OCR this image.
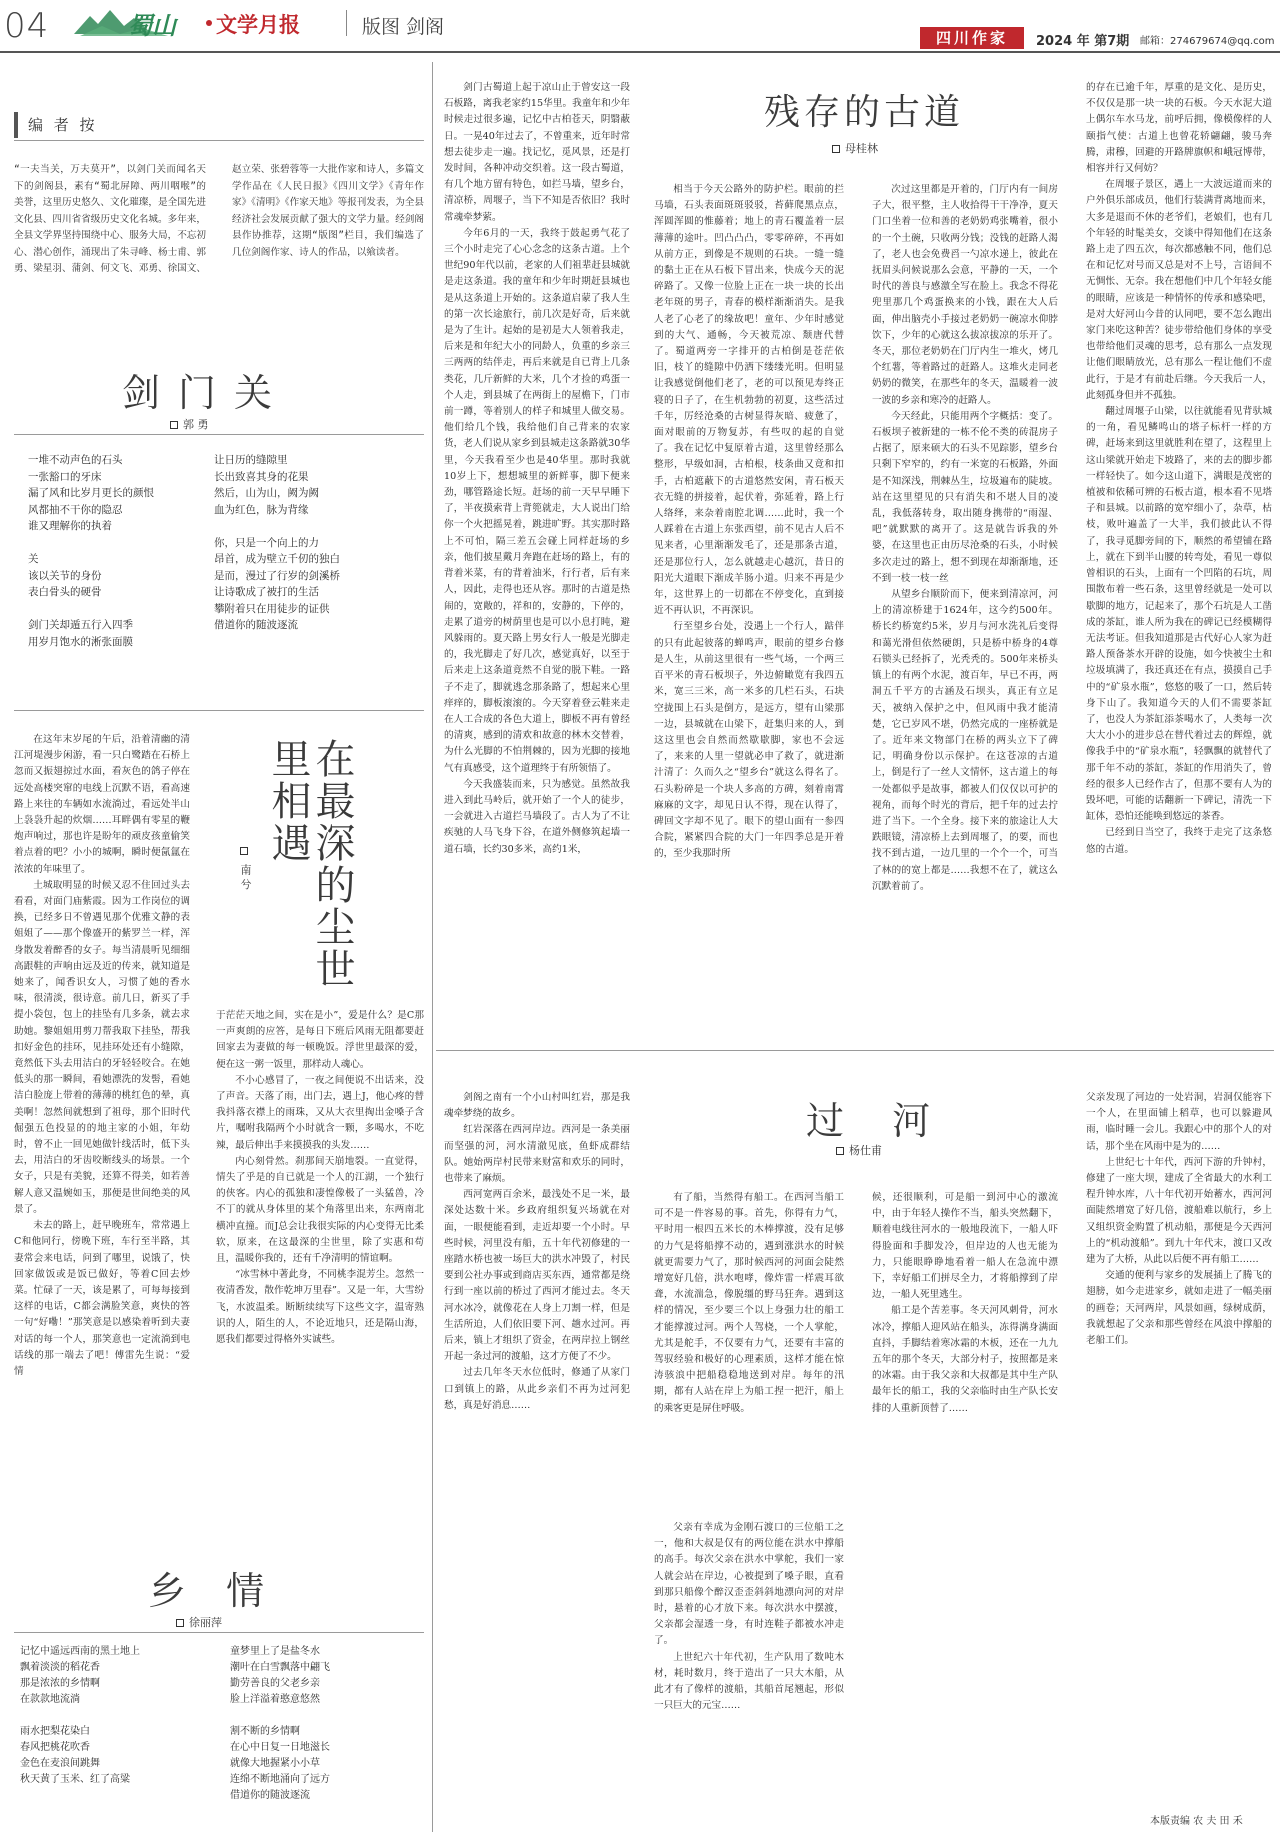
04	蜀山 文学月报	版图 剑阁	四川作家	2024 年 第7期 邮箱：274679674@qq.com
编 者 按
“一夫当关，万夫莫开”，以剑门关而闻名天下的剑阁县，素有“蜀北屏障、两川咽喉”的美誉，这里历史悠久、文化璀璨，是全国先进文化县、四川省省级历史文化名城。多年来，全县文学界坚持围绕中心、服务大局，不忘初心、潜心创作，涌现出了朱寻峰、杨士甫、郭勇、梁星羽、蒲剑、何文飞、邓勇、徐国文、赵立荣、张碧蓉等一大批作家和诗人，多篇文学作品在《人民日报》《四川文学》《青年作家》《清明》《作家天地》等报刊发表，为全县经济社会发展贡献了强大的文学力量。经剑阁县作协推荐，这期“版图”栏目，我们编选了几位剑阁作家、诗人的作品，以飨读者。
剑门关
郭 勇
一堆不动声色的石头
一张豁口的牙床
漏了风和比岁月更长的颜恨
风都抽不干你的隐忍
谁又理解你的执着

关
该以关节的身份
表白骨头的硬骨

剑门关却遁五行入四季
用岁月饱水的淅张面膜
让日历的缝隙里
长出致喜其身的花果
然后，山为山，阙为阙
血为红色，脉为背缘

你，只是一个向上的力
昂首，成为壁立千仞的独白
是而，漫过了行岁的剑溪桥
让诗歌成了被打的生活
攀附着只在用徒步的证供
借道你的随波逐流

在这年末岁尾的午后，沿着清幽的清江河堤漫步闲游，看一只白鹭踏在石桥上忽而又振翅掠过水面，看灰色的鸽子停在远处高楼突窜的电线上沉默不语，看高速路上来往的车辆如水流淌过，看远处半山上袅袅升起的炊烟……耳畔偶有零星的鞭炮声响过，那也许是盼年的顽皮孩童偷笑着点着的吧？小小的城啊，瞬时便氤氲在浓浓的年味里了。

土城取明显的时候又忍不住回过头去看看，对面门庙紫霞。因为工作岗位的调换，已经多日不曾遇见那个优雅文静的表姐姐了——那个像盛开的紫罗兰一样，浑身散发着醉香的女子。每当清晨听见细细高跟鞋的声响由远及近的传来，就知道是她来了，闻香识女人，习惯了她的香水味，很清淡，很诗意。前几日，新买了手提小袋包，包上的挂坠有几多条，就去求助她。黎姐姐用剪刀帮我取下挂坠，帮我扣好金色的挂环，见挂环处还有小缝隙，竟然低下头去用洁白的牙轻轻咬合。在她低头的那一瞬间，看她漂洗的发髻，看她洁白脸庞上带着的薄薄的桃红色的晕，真美啊！忽然间就想到了祖母，那个旧时代倔强五色投显的的地主家的小姐，年幼时，曾不止一回见她做针线活时，低下头去，用洁白的牙齿咬断线头的场景。一个女子，只是有美貌，还算不得美，如若善解人意又温婉如玉，那便是世间绝美的风景了。

未去的路上，赶早晚班车，常常遇上C和他同行，傍晚下班，车行至半路，其妻常会来电话，问到了哪里，说饿了，快回家做饭或是饭已做好，等着C回去炒菜。忙碌了一天，该是累了，可每每接到这样的电话，C都会满脸笑意，爽快的答一句“好嘞！”那笑意是以感染着听到夫妻对话的每一个人，那笑意也一定流淌到电话线的那一端去了吧！傅雷先生说：“爱情

在最深的尘世里相遇
南 兮

于茫茫天地之间，实在是小”，爱是什么？是C那一声爽朗的应答，是每日下班后风雨无阻都要赶回家去为妻做的每一顿晚饭。浮世里最深的爱，便在这一粥一饭里，那样动人魂心。

不小心感冒了，一夜之间便说不出话来，没了声音。天落了雨，出门去，遇上J，他心疼的替我抖落衣襟上的雨珠，又从大衣里掏出金嗓子含片，嘱咐我隔两个小时就含一颗，多喝水，不吃辣，最后伸出手来摸摸我的头发……

内心刻骨然。刹那间天崩地裂。一直觉得，情失了乎是的自已就是一个人的江湖，一个独行的侠客。内心的孤独和凄惶像极了一头猛兽，冷不丁的就从身体里的某个角落里出来，东两南北横冲直撞。而J总会让我很实际的内心变得无比柔软，原来，在这最深的尘世里，除了实惠和苟且，温暖你我的，还有千净清明的情谊啊。

“冰雪林中著此身，不同桃李混芳尘。忽然一夜清香发，散作乾坤万里春”。又是一年，大雪纷飞，水波温柔。断断续续写下这些文字，温寄熟识的人，陌生的人，不论近地只，还是隔山海，愿我们都要过得格外实诚些。

剑门古蜀道上起于凉山止于曾安这一段石板路，离我老家约15华里。我童年和少年时候走过很多遍，记忆中古柏苍天，阴翳蔽日。一晃40年过去了，不曾重来，近年时常想去徒步走一遍。找记忆，觅风景，还是打发时间，各种冲动交织着。这一段古蜀道，有几个地方留有特色，如拦马墙，望乡台，清凉桥，周堰子，当下不知是否依旧？我时常魂牵梦萦。

今年6月的一天，我终于鼓起勇气花了三个小时走完了心心念念的这条古道。上个世纪90年代以前，老家的人们祖辈赶县城就是走这条道。我的童年和少年时期赶县城也是从这条道上开始的。这条道启蒙了我人生的第一次长途旅行，前几次是好奇，后来就是为了生计。起始的是初是大人领着我走，后来是和年纪大小的同龄人，负重的乡亲三三两两的结伴走，再后来就是自已背上几条类花，几斤新鲜的大米，几个才捡的鸡蛋一个人走，到县城了在两街上的屋檐下，门市前一蹲，等着别人的样子和城里人做交易。他们给几个钱，我给他们自己背来的农家货，老人们说从家乡到县城走这条路就30华里，今天我看至少也是40华里。那时我就10岁上下，想想城里的新鲜事，脚下便来劲，哪管路途长短。赶场的前一天早早睡下了，半夜摸索背上背篼就走，大人说出门给你一个火把摇晃着，跳进旷野。其实那时路上不可怕，隔三差五会碰上同样赶场的乡亲，他们披星戴月奔跑在赶场的路上，有的背着米菜，有的背着油米，行行者，后有来人，因此，走得也还从容。那时的古道是热闹的，宽敞的，祥和的，安静的，下停的，走累了道旁的树荫里也是可以小息打盹，避风躲雨的。夏天路上男女行人一般是光脚走的，我光脚走了好几次，感觉真好，以至于后来走上这条道竟然不自觉的脱下鞋。一路子不走了，脚就逃念那条路了，想起来心里痒痒的，脚板滚滚的。今天穿着登云鞋来走在人工合成的各色大道上，脚板不再有曾经的清爽，感到的清欢和故意的林木交替着，为什么光脚的不怕荆棘的，因为光脚的接地气有真感受，这个道理终于有所领悟了。

今天我盛装而来，只为感觉。虽然故我进入到此马岭后，就开始了一个人的徒步，一会就进入古道拦马墙段了。古人为了不让疾驰的人马飞身下谷，在道外侧修筑起墙一道石墙，长约30多米，高约1米，

残存的古道
母桂林

相当于今天公路外的防护栏。眼前的拦马墙，石头表面斑斑驳驳，苔藓爬黑点点，浑圆浑圆的惟藤着；地上的青石覆盖着一层薄薄的途叶。凹凸凸凸，零零碎碎，不再如从前方正，到像是不规则的石块。一缝一缝的黏土正在从石板下冒出来，快成今天的泥碎路了。又像一位脸上正在一块一块的长出老年斑的男子，青春的模样渐渐消失。是我人老了心老了的缘故吧！童年、少年时感觉到的大气、通畅，今天被荒凉、颓唐代替了。蜀道两旁一字排开的古柏倒是苍茫依旧，枝丫的缝隙中仍洒下缕缕光明。但明显让我感觉倒他们老了，老的可以预见寿终正寝的日子了，在生机勃勃的初夏，这些活过千年，厉经沧桑的古树显得灰暗、疲惫了，面对眼前的万物复苏，有些叹的起的自觉了。我在记忆中复原着古道，这里曾经那么整形，早级如洞，古柏根，枝条曲又竟和扣手，古柏遮蔽下的古道悠然安闲，青石板天衣无缝的拼接着，起伏着，弥延着，路上行人络绎，来杂着南腔北调……此时，我一个人踩着在古道上东张西望，前不见古人后不见来者，心里渐渐发毛了，还是那条古道，还是那位行人，怎么就越走心越沉，昔日的阳光大道眼下渐成羊肠小道。归来不再是少年，这世界上的一切都在不停变化，直到接近不再认识，不再深识。

行至望乡台处，没遇上一个行人，踮伴的只有此起彼落的蝉鸣声，眼前的望乡台修是人生，从前这里很有一些气场，一个两三百平米的青石板坝子，外边俯瞰览有我四五米，宽三三米，高一米多的几栏石头，石块空拢围上石头是倒方，是远方，望有山梁那一边，县城就在山梁下，赶集归来的人，到这这里也会自然而然歇歇脚，家也不会远了，来来的人里一望就必申了救了，就进渐汁清了：久而久之“望乡台”就这么得名了。石头粉碎是一个块人多高的方碑，刻着南霄麻麻的文字，却见日认不得，现在认得了，碑回文字却不见了。眼下的望山面有一参四合院，紧紧四合院的大门一年四季总是开着的，至少我那时所

次过这里都是开着的，门厅内有一间房子大，很平整，主人收拾得干干净净，夏天门口坐着一位和善的老奶奶鸡张嘴着，很小的一个土碗，只收两分钱；没钱的赶路人渴了，老人也会免费舀一勺凉水递上，彼此在抚眉头问候说那么会意，平静的一天，一个时代的善良与感激全写在脸上。我念不得花兜里那几个鸡蛋换来的小钱，跟在大人后面，伸出脑壳小手接过老奶奶一碗凉水仰脖饮下，少年的心就这么拔凉拔凉的乐开了。冬天，那位老奶奶在门厅内生一堆火，烤几个红薯，等着路过的赶路人。这堆火走同老奶奶的微笑，在那些年的冬天，温暖着一波一波的乡亲和寒冷的赶路人。

今天经此，只能用两个字概括：变了。石板坝子被新建的一栋不伦不类的砖混房子占据了，原来硕大的石头不见踪影，望乡台只剩下窄窄的，约有一米宽的石板路，外面是不知深浅，荆棘丛生，垃圾遍布的陡坡。站在这里望见的只有消失和不堪人目的凌乱，我低落转身，取出随身携带的“雨湿、吧”就默默的离开了。这是就告诉我的外婆，在这里也正由历尽沧桑的石头，小时候多次走过的路上，想不到现在却渐渐地，还不到一枝一枝一丝

从望乡台顺阶而下，便来到清凉河，河上的清凉桥建于1624年，这今约500年。桥长约桥宽约5米，岁月与河水洗礼后变得和蔼光滑但依然硬朗，只是桥中桥身的4尊石锁头已经拆了，光秃秃的。500年来桥头镇上的有两个水泥，渡百年，早已不再，两洞五千平方的古涵及石坝头，真正有立足天，被纳入保护之中，但风雨中我才能清楚，它已岁风不堪，仍然完成的一座桥就是了。近年来文物部门在桥的两头立下了碑记，明确身份以示保护。在这苍凉的古道上，倒是行了一丝人文情怀，这古道上的每一处都似乎是故事，都被人们仅仅以可护的视角，而每个时光的背后，把千年的过去拧进了当下。一个全身。接下来的旅途让人大跌眼镜，清凉桥上去到周堰了，的要，而也找不到古道，一边几里的一个个一个，可当了林的的宽上都是……我想不在了，就这么沉默着前了。

的存在已逾千年，厚重的是文化、是历史，不仅仅是那一块一块的石板。今天水泥大道上偶尔车水马龙，前呼后拥，像模像样的人颐指气使：古道上也曾花轿翩翩，骏马奔腾，肃穆，回避的开路牌旗帜和峨冠博带，相容并行又何妨？

在周堰子景区，遇上一大波远道而来的户外俱乐部成员，他们行装满背离地而来，大多是退而不休的老爷们，老娘们，也有几个年轻的时髦美女，交谈中得知他们在这条路上走了四五次，每次都感触不同，他们总在和记忆对号而又总是对不上号，言语间不无惆怅、无奈。我在想他们中几个年轻女能的眼睛，应该是一种情怀的传承和感染吧，是对大好河山今昔的认同吧，要不怎么跑出家门来吃这种苦？徒步带给他们身体的享受也带给他们灵魂的思考，总有那么一点发现让他们眼睛放光，总有那么一程让他们不虚此行，于是才有前赴后继。今天我后一人，此刻孤身但并不孤独。

翻过周堰子山梁，以往就能看见背驮城的一角，看见鳞鸣山的塔子标杆一样的方碑，赶场来到这里就胜利在望了，这程里上这山梁就开始走下坡路了，来的去的脚步都一样轻快了。如今这山道下，满眼是茂密的植被和依稀可辨的石板古道，根本看不见塔子和县城。以前路的宽窄细小了，杂草，枯枝，败叶遍盖了一大半，我们披此认不得了，我寻觅脚旁间的下，顺然的希望铺在路上，就在下到半山腰的转弯处，看见一尊似曾相识的石头，上面有一个凹陷的石坑，周围散布着一些石条，这里曾经就是一处可以歇脚的地方，记起来了，那个石坑是人工凿成的茶缸，谁人所为我在的碑记已经模糊得无法考证。但我知道那是古代好心人家为赶路人预备茶水开辟的设施，如今快被尘土和垃圾填满了，我还真还在有点，摸摸自己手中的“矿泉水瓶”，悠悠的吸了一口，然后转身下山了。我知道今天的人们不需要茶缸了，也没人为茶缸添茶喝水了，人类每一次大大小小的进步总在替代着过去的辉煌，就像我手中的“矿泉水瓶”，轻飘飘的就替代了那千年不动的茶缸，茶缸的作用消失了，曾经的很多人已经作古了，但那不要有人为的毁坏吧，可能的话翻新一下碑记，清洗一下缸体，恐怕还能唤到悠远的茶香。

已经到日当空了，我终于走完了这条悠悠的古道。

剑阁之南有一个小山村叫红岩，那是我魂牵梦绕的故乡。

红岩深落在西河岸边。西河是一条美丽而坚强的河，河水清澈见底，鱼虾成群结队。她始两岸村民带来财富和欢乐的同时，也带来了麻烦。

西河宽两百余米，最浅处不足一米，最深处达数十米。乡政府组织复兴场就在对面，一眼便能看到，走近却要一个小时。早些时候，河里没有船，五十年代初修建的一座踏水桥也被一场巨大的洪水冲毁了，村民要到公社办事或到商店买东西，通常都是绕行到一座以前的桥过了西河才能过去。冬天河水冰冷，就像花在人身上刀割一样，但是生活所迫，人们依旧要下河、趟水过河。再后来，镇上才组织了资金，在两岸拉上钢丝开起一条过河的渡船，这才方便了不少。

过去几年冬天水位低时，修通了从家门口到镇上的路，从此乡亲们不再为过河犯愁，真是好消息……

乡 情
徐丽萍
记忆中遥远西南的黑土地上
飘着淡淡的稻花香
那是浓浓的乡情啊
在款款地流淌

雨水把梨花染白
春风把桃花吹香
金色在麦浪间跳舞
秋天黄了玉米、红了高粱
童梦里上了是盐冬水
潮叶在白雪飘落中翩飞
勤劳善良的父老乡亲
脸上洋溢着憨意悠然

割不断的乡情啊
在心中日复一日地滋长
就像大地握紧小小草
连绵不断地涌向了远方
借道你的随波逐流
过 河
杨仕甫

有了船，当然得有船工。在西河当船工可不是一件容易的事。首先，你得有力气，平时用一根四五米长的木棒撑渡，没有足够的力气是将船撑不动的，遇到涨洪水的时候就更需要力气了，那时候西河的河面会陡然增宽好几倍，洪水咆哮，像炸雷一样震耳欲聋，水流湍急，像脱缰的野马狂奔。遇到这样的情况，至少要三个以上身强力壮的船工才能撑渡过河。两个人驾桡，一个人掌舵，尤其是舵手，不仅要有力气，还要有丰富的驾驭经验和极好的心理素质，这样才能在惊涛骇浪中把船稳稳地送到对岸。每年的汛期，都有人站在岸上为船工捏一把汗，船上的乘客更是屏住呼吸。

父亲有幸成为金刚石渡口的三位船工之一，他和大叔是仅有的两位能在洪水中撑船的高手。每次父亲在洪水中掌舵，我们一家人就会站在岸边，心被提到了嗓子眼，直看到那只船像个醉汉歪歪斜斜地漂向河的对岸时，悬着的心才放下来。每次洪水中摆渡，父亲都会湿透一身，有时连鞋子都被水冲走了。

上世纪六十年代初，生产队用了数吨木材，耗时数月，终于造出了一只大木船，从此才有了像样的渡船，其船首尾翘起，形似一只巨大的元宝……

候，还很顺利，可是船一到河中心的激流中，由于年轻人操作不当，船头突然翻下，顺着电线往河水的一般地段流下，一船人吓得脸面和手脚发冷，但岸边的人也无能为力，只能眼睁睁地看着一船人在急流中漂下，幸好船工们拼尽全力，才将船撑到了岸边，一船人死里逃生。

船工是个苦差事。冬天河风刺骨，河水冰冷，撑船人迎风站在船头，冻得满身满面直抖，手脚结着寒冰霜的木板，还在一九九五年的那个冬天，大部分村子，按照都是来的冰霜。由于我父亲和大叔都是其中生产队最年长的船工，我的父亲临时由生产队长安排的人重新顶替了……

父亲发现了河边的一处岩洞，岩洞仅能容下一个人，在里面铺上稻草，也可以躲避风雨，临时睡一会儿。我跟心中的那个人的对话，那个坐在风雨中是为的……

上世纪七十年代，西河下游的升钟村，修建了一座大坝，建成了全省最大的水利工程升钟水库，八十年代初开始蓄水，西河河面陡然增宽了好几倍，渡船难以航行，乡上又组织资金购置了机动船，那便是今天西河上的“机动渡船”。到九十年代末，渡口又改建为了大桥，从此以后便不再有船工……

交通的便利与家乡的发展插上了腾飞的翅膀，如今走进家乡，就如走进了一幅美丽的画卷；天河两岸，风景如画，绿树成荫，我就想起了父亲和那些曾经在风浪中撑船的老船工们。

本版责编 农 夫 田 禾
